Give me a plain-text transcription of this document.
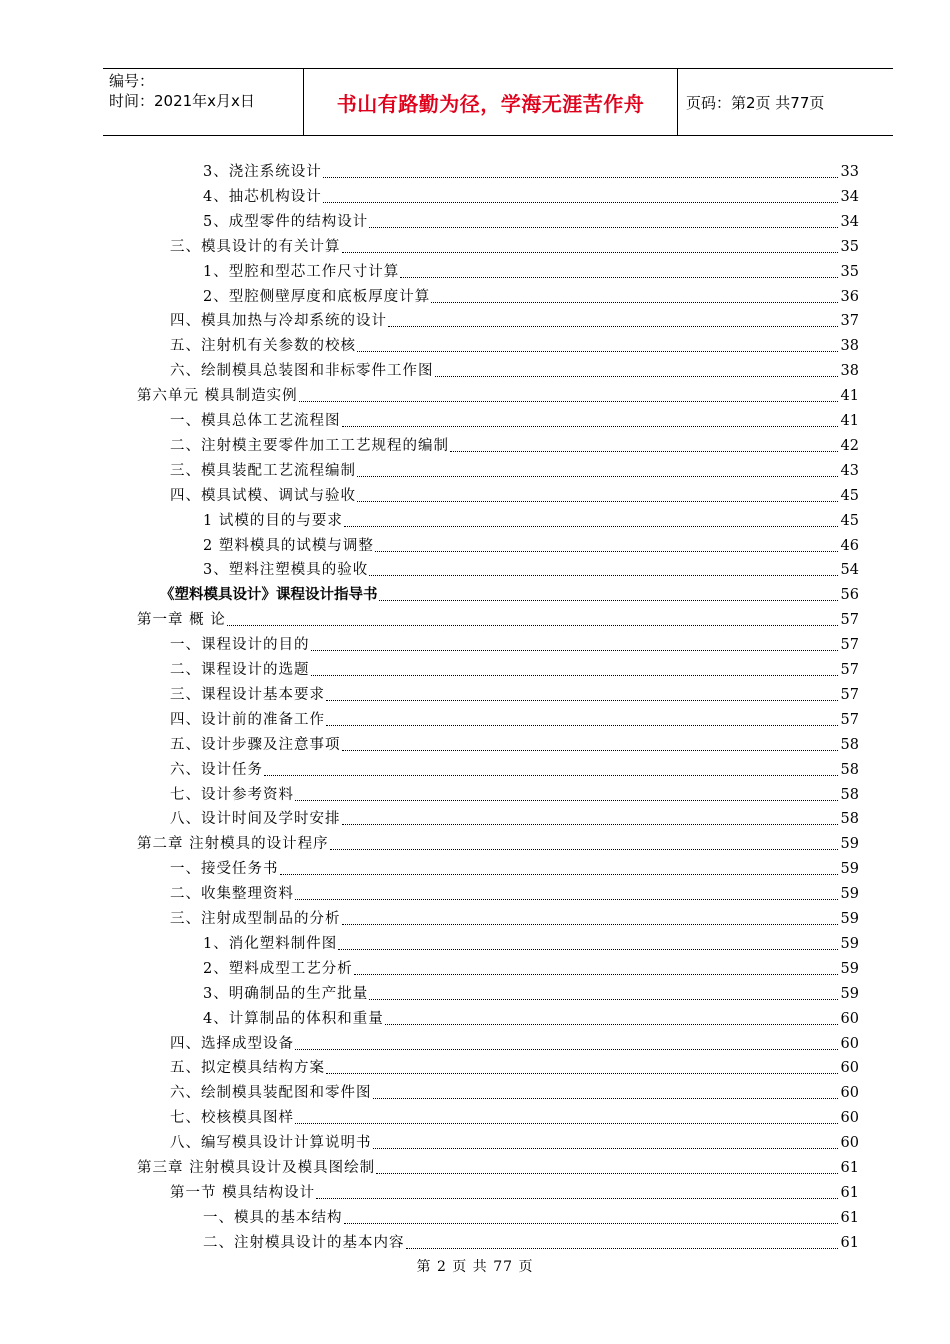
编号：
时间：2021年x月x日	书山有路勤为径，学海无涯苦作舟	页码：第2页 共77页
3、浇注系统设计	33
4、抽芯机构设计	34
5、成型零件的结构设计	34
三、模具设计的有关计算	35
1、型腔和型芯工作尺寸计算	35
2、型腔侧壁厚度和底板厚度计算	36
四、模具加热与冷却系统的设计	37
五、注射机有关参数的校核	38
六、绘制模具总装图和非标零件工作图	38
第六单元 模具制造实例	41
一、模具总体工艺流程图	41
二、注射模主要零件加工工艺规程的编制	42
三、模具装配工艺流程编制	43
四、模具试模、调试与验收	45
1 试模的目的与要求	45
2 塑料模具的试模与调整	46
3、塑料注塑模具的验收	54
《塑料模具设计》课程设计指导书	56
第一章 概 论	57
一、课程设计的目的	57
二、课程设计的选题	57
三、课程设计基本要求	57
四、设计前的准备工作	57
五、设计步骤及注意事项	58
六、设计任务	58
七、设计参考资料	58
八、设计时间及学时安排	58
第二章 注射模具的设计程序	59
一、接受任务书	59
二、收集整理资料	59
三、注射成型制品的分析	59
1、消化塑料制件图	59
2、塑料成型工艺分析	59
3、明确制品的生产批量	59
4、计算制品的体积和重量	60
四、选择成型设备	60
五、拟定模具结构方案	60
六、绘制模具装配图和零件图	60
七、校核模具图样	60
八、编写模具设计计算说明书	60
第三章 注射模具设计及模具图绘制	61
第一节 模具结构设计	61
一、模具的基本结构	61
二、注射模具设计的基本内容	61
第 2 页 共 77 页
